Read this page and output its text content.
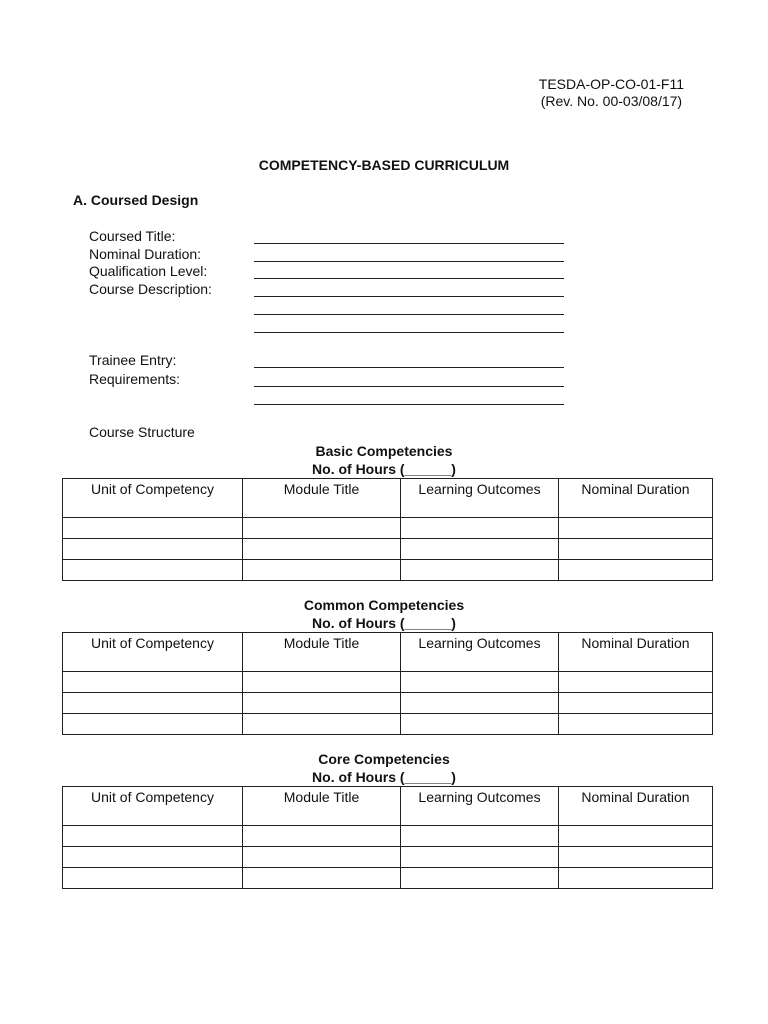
TESDA-OP-CO-01-F11
(Rev. No. 00-03/08/17)
COMPETENCY-BASED CURRICULUM
A. Coursed Design
Coursed Title:
Nominal Duration:
Qualification Level:
Course Description:
Trainee Entry:
Requirements:
Course Structure
Basic Competencies
No. of Hours (______)
Unit of Competency	Module Title	Learning Outcomes	Nominal Duration

Common Competencies
No. of Hours (______)
Unit of Competency	Module Title	Learning Outcomes	Nominal Duration

Core Competencies
No. of Hours (______)
Unit of Competency	Module Title	Learning Outcomes	Nominal Duration
